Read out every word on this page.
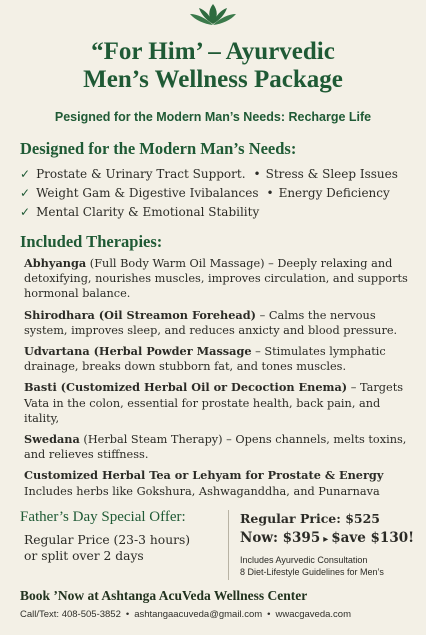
“For Him’ – Ayurvedic
Men’s Wellness Package
Pesigned for the Modern Man’s Needs: Recharge Life
Designed for the Modern Man’s Needs:
✓ Prostate & Urinary Tract Support. • Stress & Sleep Issues
✓ Weight Gam & Digestive Ivibalances • Energy Deficiency
✓ Mental Clarity & Emotional Stability
Included Therapies:
Abhyanga (Full Body Warm Oil Massage) – Deeply relaxing and detoxifying, nourishes muscles, improves circulation, and supports hormonal balance.
Shirodhara (Oil Streamon Forehead) – Calms the nervous system, improves sleep, and reduces anxicty and blood pressure.
Udvartana (Herbal Powder Massage – Stimulates lymphatic drainage, breaks down stubborn fat, and tones muscles.
Basti (Customized Herbal Oil or Decoction Enema) – Targets Vata in the colon, essential for prostate health, back pain, and itality,
Swedana (Herbal Steam Therapy) – Opens channels, melts toxins, and relieves stiffness.
Customized Herbal Tea or Lehyam for Prostate & Energy
Includes herbs like Gokshura, Ashwaganddha, and Punarnava
Father’s Day Special Offer:
Regular Price (23-3 hours)
or split over 2 days
Regular Price: $525
Now: $395 ▸ $ave $130!
Includes Ayurvedic Consultation
8 Diet-Lifestyle Guidelines for Men’s
Book ’Now at Ashtanga AcuVeda Wellness Center
Call/Text: 408-505-3852 • ashtangaacuveda@gmail.com • wwacgaveda.com
